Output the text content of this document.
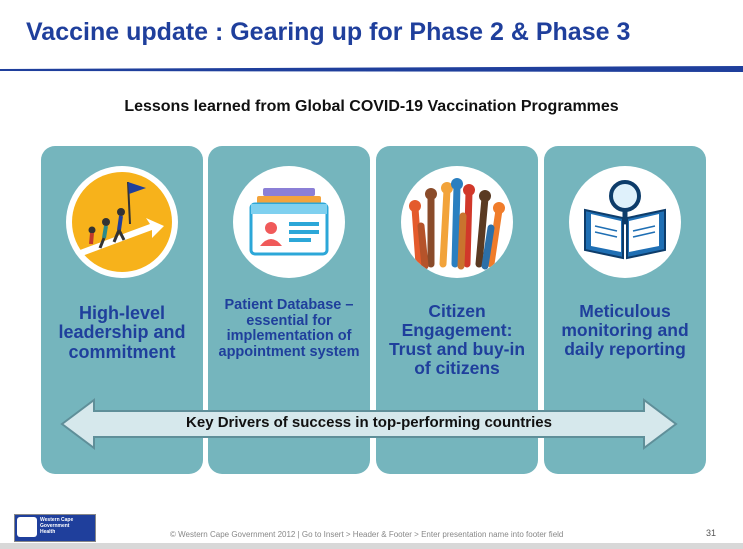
Vaccine update : Gearing up for Phase 2 & Phase 3
Lessons learned from Global COVID-19 Vaccination Programmes
High-level leadership and commitment
Patient Database – essential for implementation of appointment system
Citizen Engagement: Trust and buy-in of citizens
Meticulous monitoring and daily reporting
Key Drivers of success in top-performing countries
Western Cape Government
Health	© Western Cape Government 2012 | Go to Insert > Header & Footer > Enter presentation name into footer field	31
